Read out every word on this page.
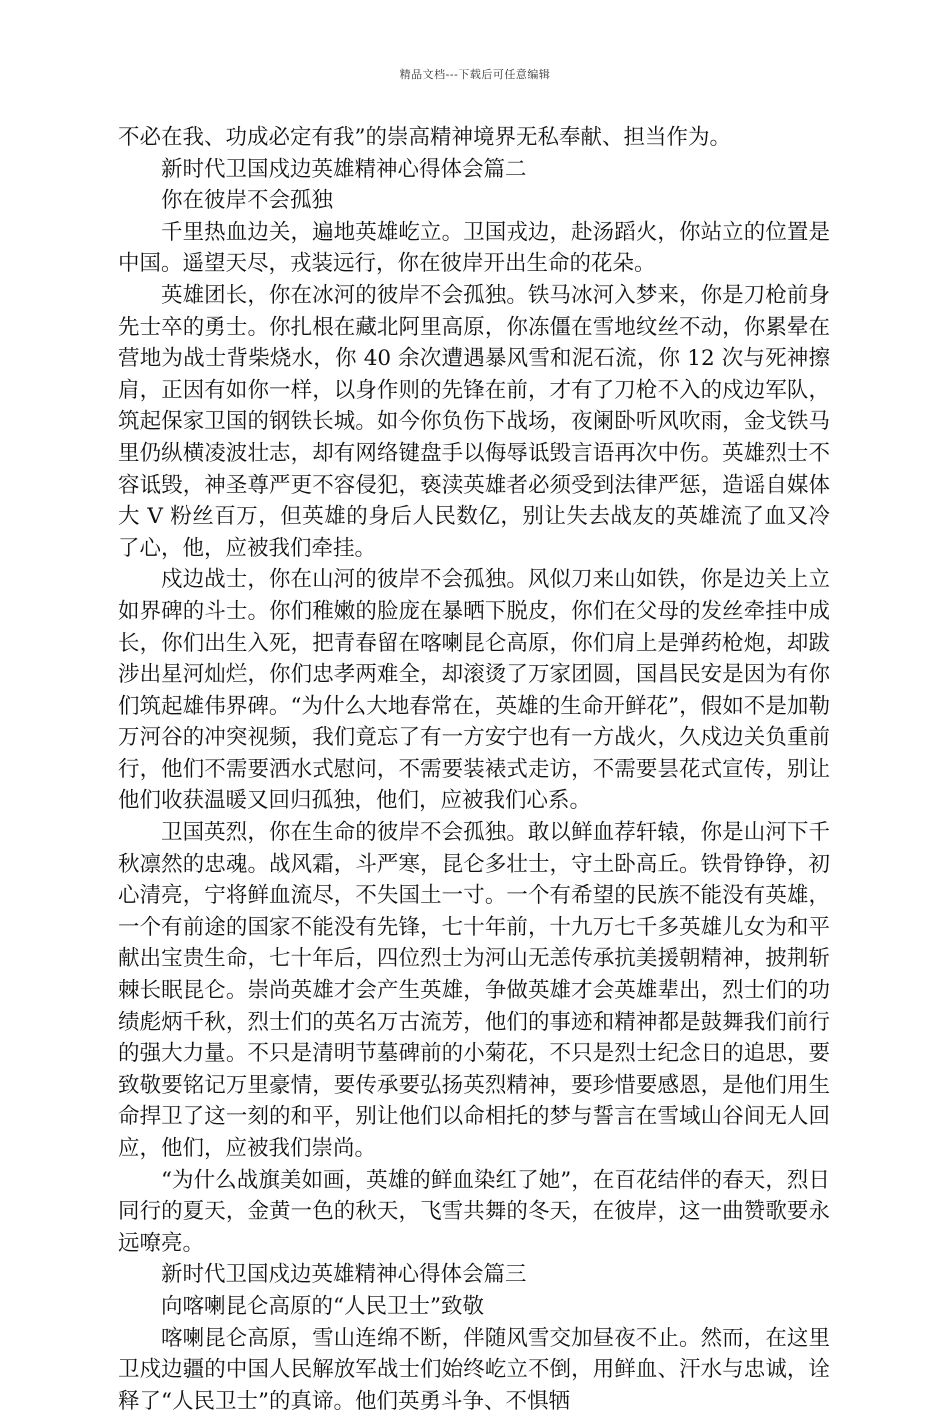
精品文档---下载后可任意编辑

不必在我、功成必定有我”的崇高精神境界无私奉献、担当作为。

新时代卫国戍边英雄精神心得体会篇二

你在彼岸不会孤独

千里热血边关，遍地英雄屹立。卫国戎边，赴汤蹈火，你站立的位置是中国。遥望天尽，戎装远行，你在彼岸开出生命的花朵。

英雄团长，你在冰河的彼岸不会孤独。铁马冰河入梦来，你是刀枪前身先士卒的勇士。你扎根在藏北阿里高原，你冻僵在雪地纹丝不动，你累晕在营地为战士背柴烧水，你 40 余次遭遇暴风雪和泥石流，你 12 次与死神擦肩，正因有如你一样，以身作则的先锋在前，才有了刀枪不入的戍边军队，筑起保家卫国的钢铁长城。如今你负伤下战场，夜阑卧听风吹雨，金戈铁马里仍纵横凌波壮志，却有网络键盘手以侮辱诋毁言语再次中伤。英雄烈士不容诋毁，神圣尊严更不容侵犯，亵渎英雄者必须受到法律严惩，造谣自媒体大 V 粉丝百万，但英雄的身后人民数亿，别让失去战友的英雄流了血又冷了心，他，应被我们牵挂。

戍边战士，你在山河的彼岸不会孤独。风似刀来山如铁，你是边关上立如界碑的斗士。你们稚嫩的脸庞在暴晒下脱皮，你们在父母的发丝牵挂中成长，你们出生入死，把青春留在喀喇昆仑高原，你们肩上是弹药枪炮，却跋涉出星河灿烂，你们忠孝两难全，却滚烫了万家团圆，国昌民安是因为有你们筑起雄伟界碑。“为什么大地春常在，英雄的生命开鲜花”，假如不是加勒万河谷的冲突视频，我们竟忘了有一方安宁也有一方战火，久戍边关负重前行，他们不需要洒水式慰问，不需要装裱式走访，不需要昙花式宣传，别让他们收获温暖又回归孤独，他们，应被我们心系。

卫国英烈，你在生命的彼岸不会孤独。敢以鲜血荐轩辕，你是山河下千秋凛然的忠魂。战风霜，斗严寒，昆仑多壮士，守土卧高丘。铁骨铮铮，初心清亮，宁将鲜血流尽，不失国土一寸。一个有希望的民族不能没有英雄，一个有前途的国家不能没有先锋，七十年前，十九万七千多英雄儿女为和平献出宝贵生命，七十年后，四位烈士为河山无恙传承抗美援朝精神，披荆斩棘长眠昆仑。崇尚英雄才会产生英雄，争做英雄才会英雄辈出，烈士们的功绩彪炳千秋，烈士们的英名万古流芳，他们的事迹和精神都是鼓舞我们前行的强大力量。不只是清明节墓碑前的小菊花，不只是烈士纪念日的追思，要致敬要铭记万里豪情，要传承要弘扬英烈精神，要珍惜要感恩，是他们用生命捍卫了这一刻的和平，别让他们以命相托的梦与誓言在雪域山谷间无人回应，他们，应被我们崇尚。

“为什么战旗美如画，英雄的鲜血染红了她”，在百花结伴的春天，烈日同行的夏天，金黄一色的秋天，飞雪共舞的冬天，在彼岸，这一曲赞歌要永远嘹亮。

新时代卫国戍边英雄精神心得体会篇三

向喀喇昆仑高原的“人民卫士”致敬

喀喇昆仑高原，雪山连绵不断，伴随风雪交加昼夜不止。然而，在这里卫戍边疆的中国人民解放军战士们始终屹立不倒，用鲜血、汗水与忠诚，诠释了“人民卫士”的真谛。他们英勇斗争、不惧牺
